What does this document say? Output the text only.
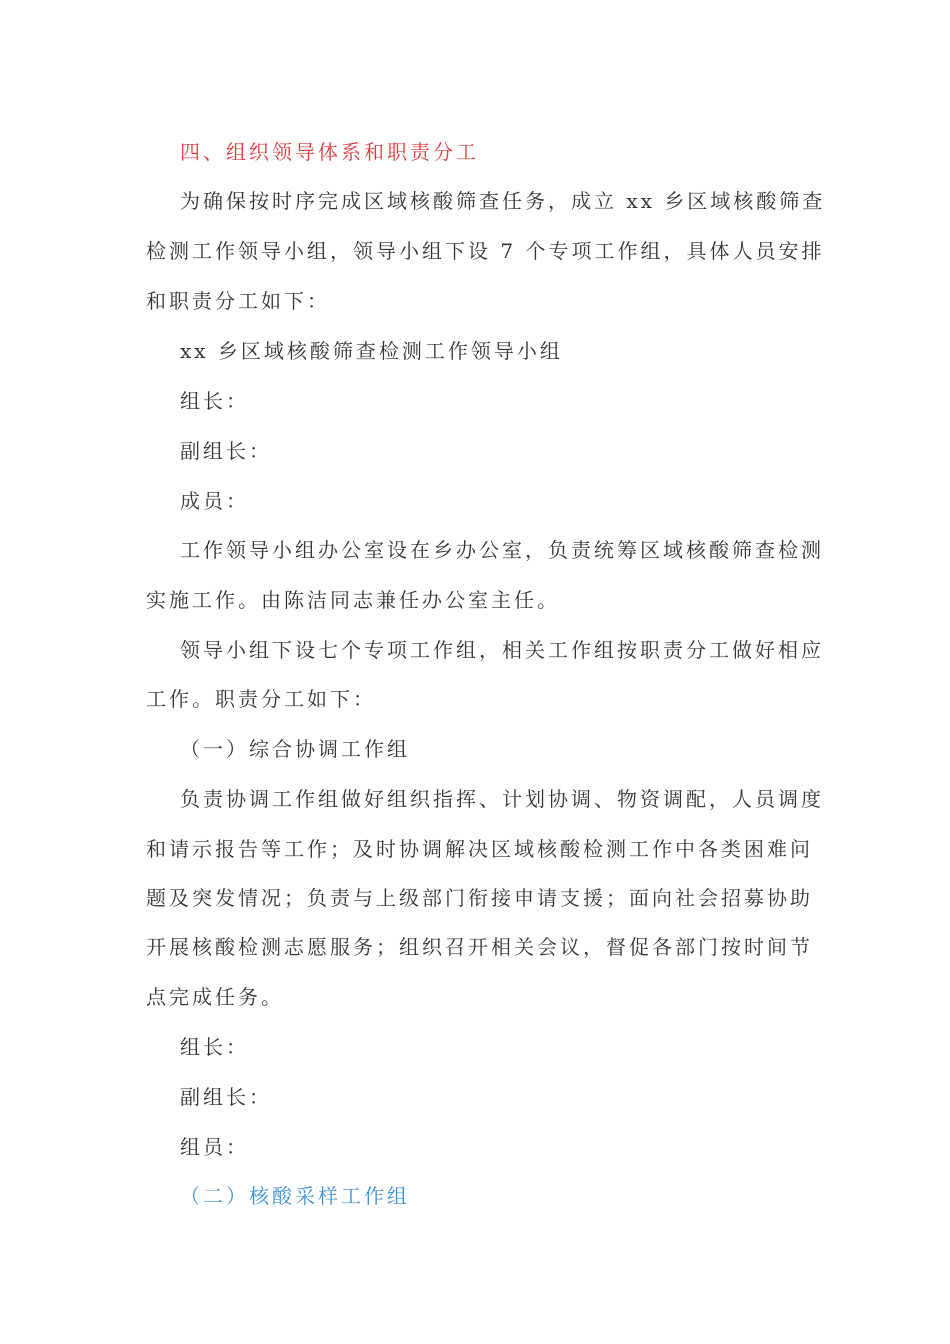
四、组织领导体系和职责分工
为确保按时序完成区域核酸筛查任务，成立 xx 乡区域核酸筛查
检测工作领导小组，领导小组下设 7 个专项工作组，具体人员安排
和职责分工如下：
xx 乡区域核酸筛查检测工作领导小组
组长：
副组长：
成员：
工作领导小组办公室设在乡办公室，负责统筹区域核酸筛查检测
实施工作。由陈洁同志兼任办公室主任。
领导小组下设七个专项工作组，相关工作组按职责分工做好相应
工作。职责分工如下：
（一）综合协调工作组
负责协调工作组做好组织指挥、计划协调、物资调配，人员调度
和请示报告等工作；及时协调解决区域核酸检测工作中各类困难问
题及突发情况；负责与上级部门衔接申请支援；面向社会招募协助
开展核酸检测志愿服务；组织召开相关会议，督促各部门按时间节
点完成任务。
组长：
副组长：
组员：
（二）核酸采样工作组
